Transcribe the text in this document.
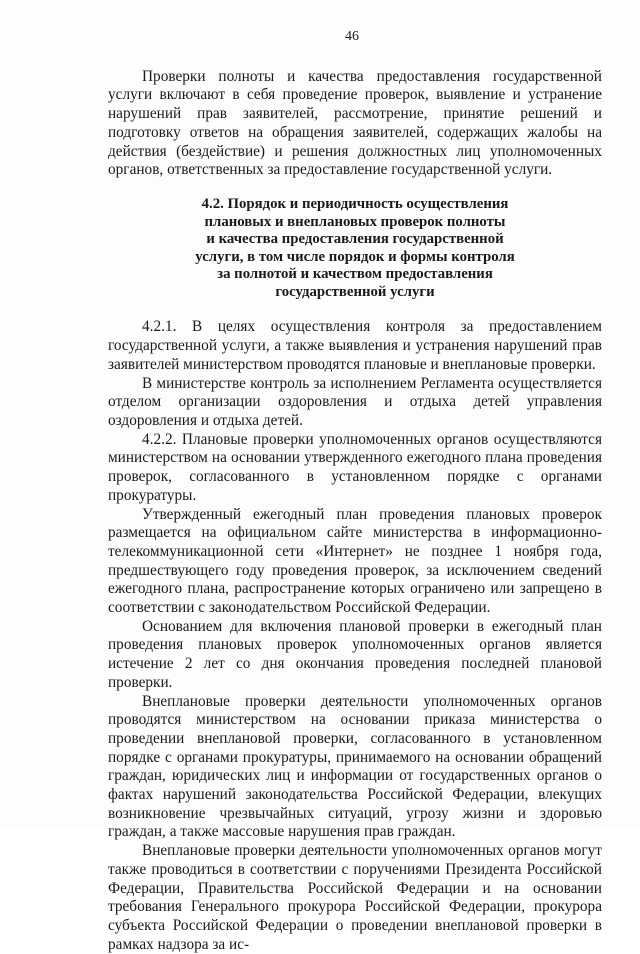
46

Проверки полноты и качества предоставления государственной услуги включают в себя проведение проверок, выявление и устранение нарушений прав заявителей, рассмотрение, принятие решений и подготовку ответов на обращения заявителей, содержащих жалобы на действия (бездействие) и решения должностных лиц уполномоченных органов, ответственных за предоставление государственной услуги.

4.2. Порядок и периодичность осуществления
плановых и внеплановых проверок полноты
и качества предоставления государственной
услуги, в том числе порядок и формы контроля
за полнотой и качеством предоставления
государственной услуги

4.2.1. В целях осуществления контроля за предоставлением государственной услуги, а также выявления и устранения нарушений прав заявителей министерством проводятся плановые и внеплановые проверки.

В министерстве контроль за исполнением Регламента осуществляется отделом организации оздоровления и отдыха детей управления оздоровления и отдыха детей.

4.2.2. Плановые проверки уполномоченных органов осуществляются министерством на основании утвержденного ежегодного плана проведения проверок, согласованного в установленном порядке с органами прокуратуры.

Утвержденный ежегодный план проведения плановых проверок размещается на официальном сайте министерства в информационно-телекоммуникационной сети «Интернет» не позднее 1 ноября года, предшествующего году проведения проверок, за исключением сведений ежегодного плана, распространение которых ограничено или запрещено в соответствии с законодательством Российской Федерации.

Основанием для включения плановой проверки в ежегодный план проведения плановых проверок уполномоченных органов является истечение 2 лет со дня окончания проведения последней плановой проверки.

Внеплановые проверки деятельности уполномоченных органов проводятся министерством на основании приказа министерства о проведении внеплановой проверки, согласованного в установленном порядке с органами прокуратуры, принимаемого на основании обращений граждан, юридических лиц и информации от государственных органов о фактах нарушений законодательства Российской Федерации, влекущих возникновение чрезвычайных ситуаций, угрозу жизни и здоровью граждан, а также массовые нарушения прав граждан.

Внеплановые проверки деятельности уполномоченных органов могут также проводиться в соответствии с поручениями Президента Российской Федерации, Правительства Российской Федерации и на основании требования Генерального прокурора Российской Федерации, прокурора субъекта Российской Федерации о проведении внеплановой проверки в рамках надзора за ис-
